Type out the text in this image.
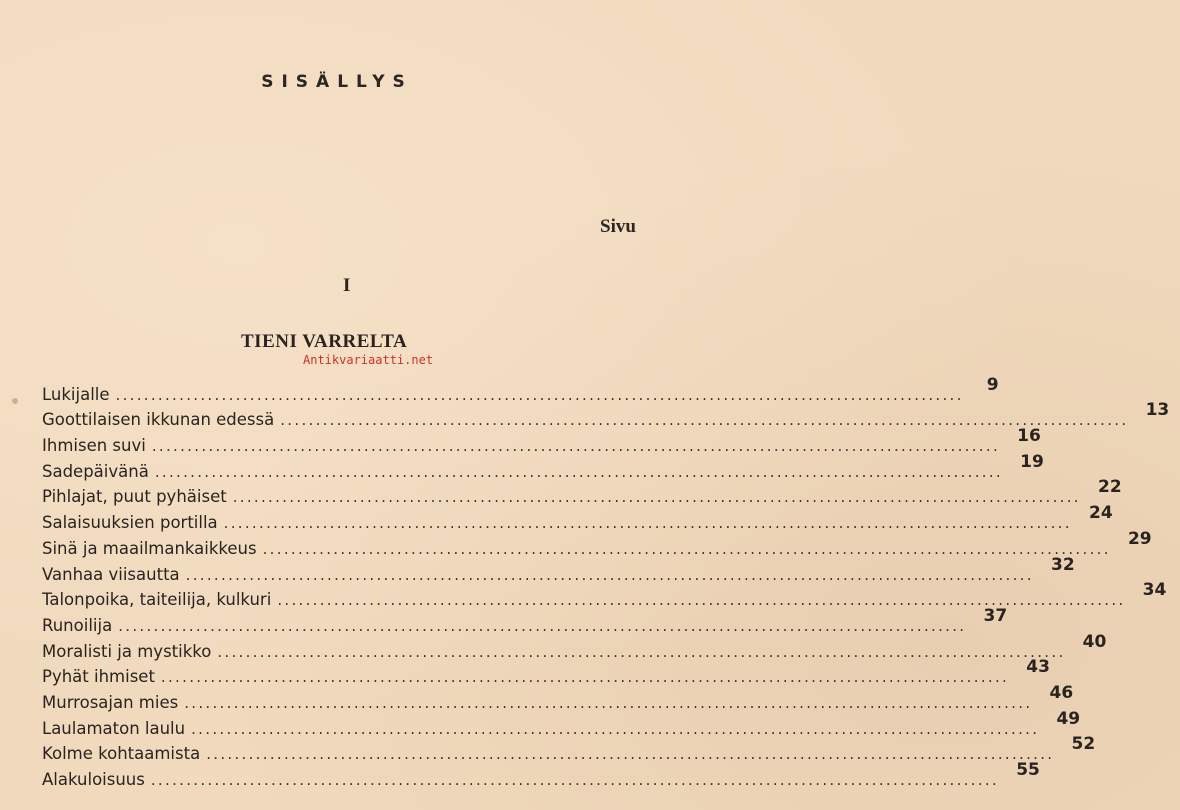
SISÄLLYS
Sivu
I
TIENI VARRELTA
Antikvariaatti.net
Lukijalle ........................................................................................................................	9
Goottilaisen ikkunan edessä ........................................................................................................................	13
Ihmisen suvi ........................................................................................................................	16
Sadepäivänä ........................................................................................................................	19
Pihlajat, puut pyhäiset ........................................................................................................................	22
Salaisuuksien portilla ........................................................................................................................	24
Sinä ja maailmankaikkeus ........................................................................................................................	29
Vanhaa viisautta ........................................................................................................................	32
Talonpoika, taiteilija, kulkuri ........................................................................................................................	34
Runoilija ........................................................................................................................	37
Moralisti ja mystikko ........................................................................................................................	40
Pyhät ihmiset ........................................................................................................................	43
Murrosajan mies ........................................................................................................................	46
Laulamaton laulu ........................................................................................................................	49
Kolme kohtaamista ........................................................................................................................	52
Alakuloisuus ........................................................................................................................	55
